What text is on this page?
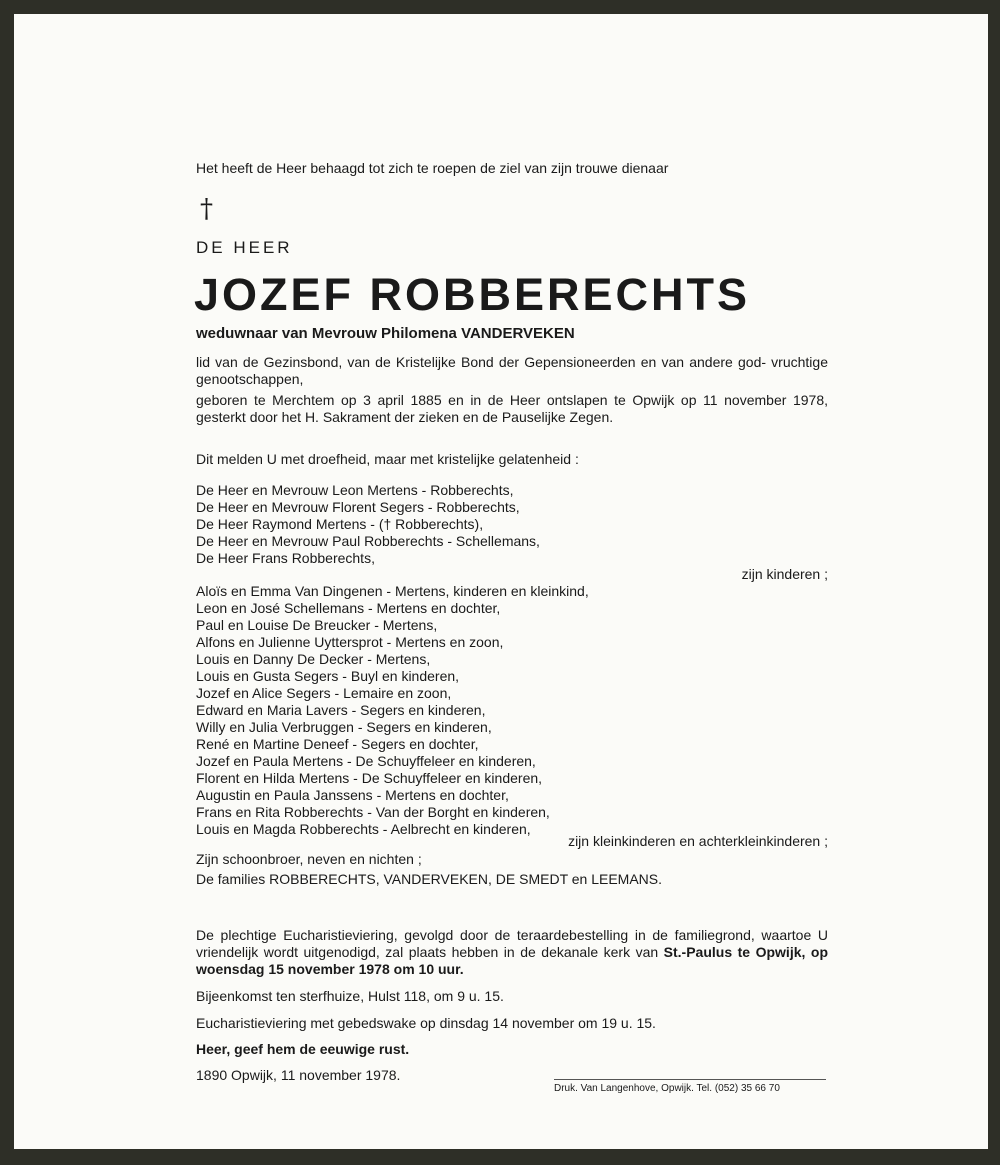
Het heeft de Heer behaagd tot zich te roepen de ziel van zijn trouwe dienaar
†
DE HEER
JOZEF ROBBERECHTS
weduwnaar van Mevrouw Philomena VANDERVEKEN
lid van de Gezinsbond, van de Kristelijke Bond der Gepensioneerden en van andere god- vruchtige genootschappen,
geboren te Merchtem op 3 april 1885 en in de Heer ontslapen te Opwijk op 11 november 1978, gesterkt door het H. Sakrament der zieken en de Pauselijke Zegen.
Dit melden U met droefheid, maar met kristelijke gelatenheid :
De Heer en Mevrouw Leon Mertens - Robberechts,
De Heer en Mevrouw Florent Segers - Robberechts,
De Heer Raymond Mertens - († Robberechts),
De Heer en Mevrouw Paul Robberechts - Schellemans,
De Heer Frans Robberechts,
zijn kinderen ;
Aloïs en Emma Van Dingenen - Mertens, kinderen en kleinkind,
Leon en José Schellemans - Mertens en dochter,
Paul en Louise De Breucker - Mertens,
Alfons en Julienne Uyttersprot - Mertens en zoon,
Louis en Danny De Decker - Mertens,
Louis en Gusta Segers - Buyl en kinderen,
Jozef en Alice Segers - Lemaire en zoon,
Edward en Maria Lavers - Segers en kinderen,
Willy en Julia Verbruggen - Segers en kinderen,
René en Martine Deneef - Segers en dochter,
Jozef en Paula Mertens - De Schuyffeleer en kinderen,
Florent en Hilda Mertens - De Schuyffeleer en kinderen,
Augustin en Paula Janssens - Mertens en dochter,
Frans en Rita Robberechts - Van der Borght en kinderen,
Louis en Magda Robberechts - Aelbrecht en kinderen,
zijn kleinkinderen en achterkleinkinderen ;
Zijn schoonbroer, neven en nichten ;
De families ROBBERECHTS, VANDERVEKEN, DE SMEDT en LEEMANS.
De plechtige Eucharistieviering, gevolgd door de teraardebestelling in de familiegrond, waartoe U vriendelijk wordt uitgenodigd, zal plaats hebben in de dekanale kerk van St.-Paulus te Opwijk, op woensdag 15 november 1978 om 10 uur.
Bijeenkomst ten sterfhuize, Hulst 118, om 9 u. 15.
Eucharistieviering met gebedswake op dinsdag 14 november om 19 u. 15.
Heer, geef hem de eeuwige rust.
1890 Opwijk, 11 november 1978.
Druk. Van Langenhove, Opwijk. Tel. (052) 35 66 70
